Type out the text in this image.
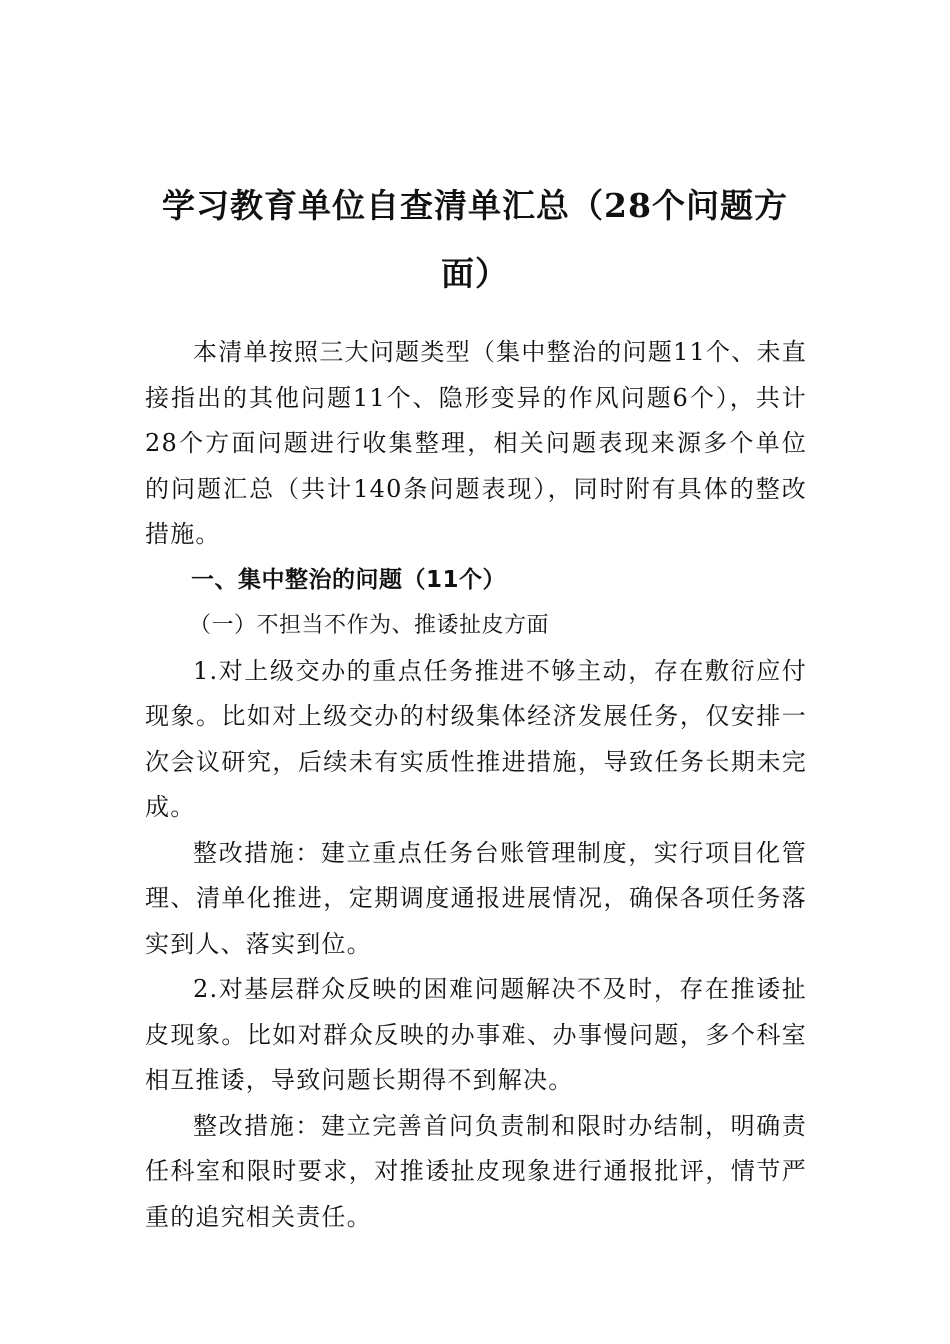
学习教育单位自查清单汇总（28个问题方面）

本清单按照三大问题类型（集中整治的问题11个、未直接指出的其他问题11个、隐形变异的作风问题6个），共计28个方面问题进行收集整理，相关问题表现来源多个单位的问题汇总（共计140条问题表现），同时附有具体的整改措施。

一、集中整治的问题（11个）

（一）不担当不作为、推诿扯皮方面

1.对上级交办的重点任务推进不够主动，存在敷衍应付现象。比如对上级交办的村级集体经济发展任务，仅安排一次会议研究，后续未有实质性推进措施，导致任务长期未完成。

整改措施：建立重点任务台账管理制度，实行项目化管理、清单化推进，定期调度通报进展情况，确保各项任务落实到人、落实到位。

2.对基层群众反映的困难问题解决不及时，存在推诿扯皮现象。比如对群众反映的办事难、办事慢问题，多个科室相互推诿，导致问题长期得不到解决。

整改措施：建立完善首问负责制和限时办结制，明确责任科室和限时要求，对推诿扯皮现象进行通报批评，情节严重的追究相关责任。
